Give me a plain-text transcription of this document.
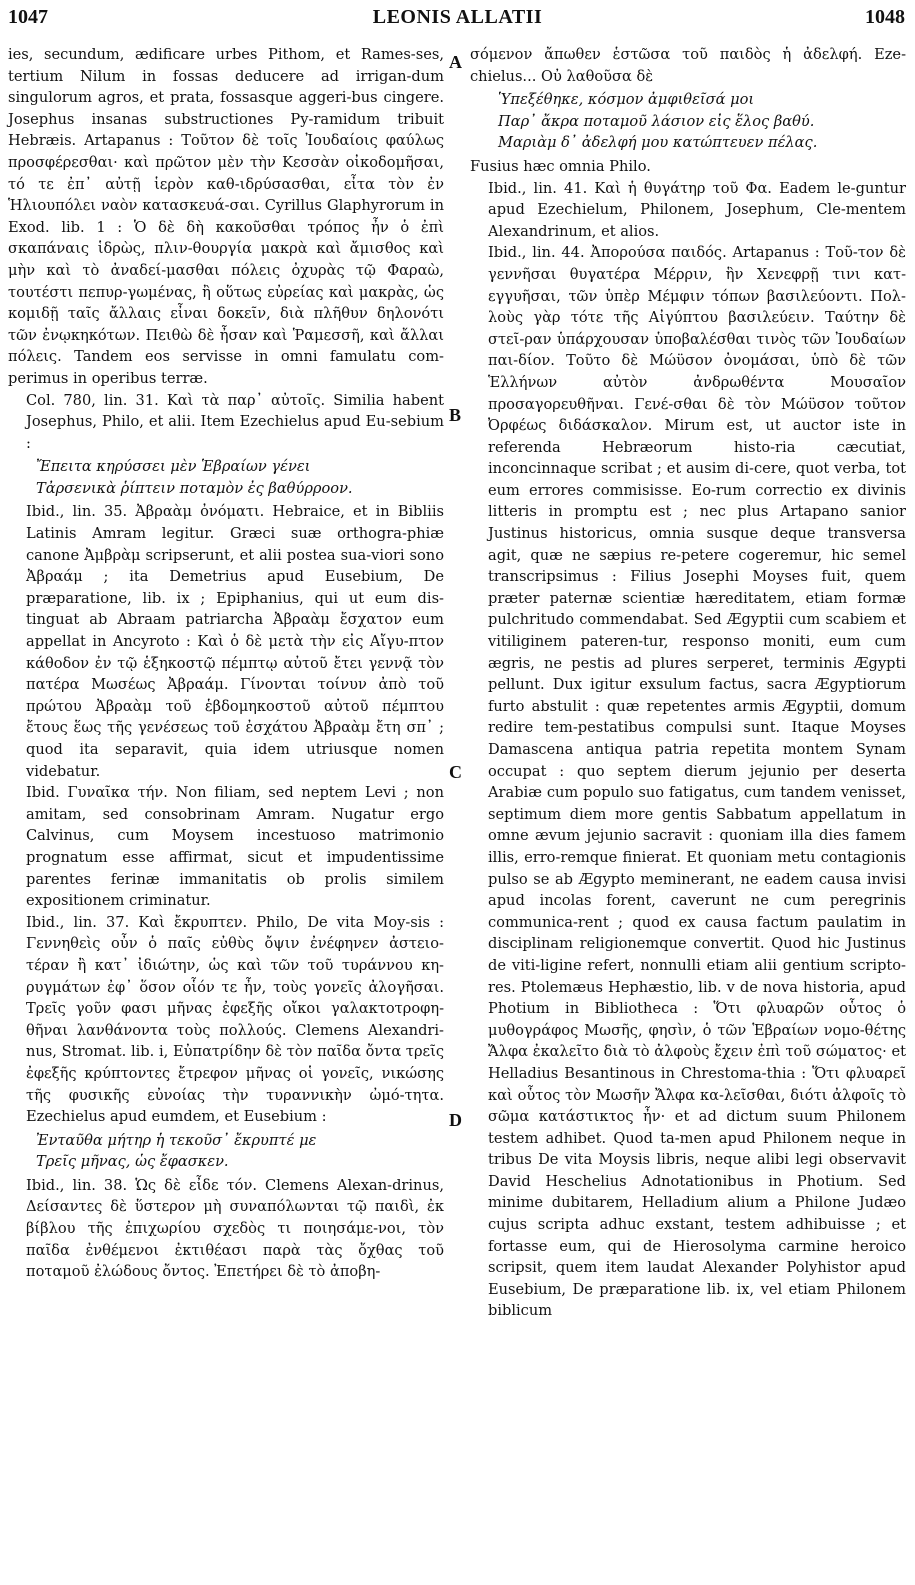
1047	LEONIS ALLATII	1048
A
B
C
D

ies, secundum, ædificare urbes Pithom, et Rames-ses, tertium Nilum in fossas deducere ad irrigan-dum singulorum agros, et prata, fossasque aggeri-bus cingere. Josephus insanas substructiones Py-ramidum tribuit Hebræis. Artapanus : Τοῦτον δὲ τοῖς Ἰουδαίοις φαύλως προσφέρεσθαι· καὶ πρῶτον μὲν τὴν Κεσσὰν οἰκοδομῆσαι, τό τε ἐπ᾽ αὐτῇ ἱερὸν καθ-ιδρύσασθαι, εἶτα τὸν ἐν Ἡλιουπόλει ναὸν κατασκευά-σαι. Cyrillus Glaphyrorum in Exod. lib. 1 : Ὁ δὲ δὴ κακοῦσθαι τρόπος ἦν ὁ ἐπὶ σκαπάναις ἱδρὼς, πλιν-θουργία μακρὰ καὶ ἄμισθος καὶ μὴν καὶ τὸ ἀναδεί-μασθαι πόλεις ὀχυρὰς τῷ Φαραὼ, τουτέστι πεπυρ-γωμένας, ἢ οὕτως εὐρείας καὶ μακρὰς, ὡς κομιδῇ ταῖς ἄλλαις εἶναι δοκεῖν, διὰ πλῆθυν δηλονότι τῶν ἐνῳκηκότων. Πειθὼ δὲ ἦσαν καὶ Ῥαμεσσῆ, καὶ ἄλλαι πόλεις. Tandem eos servisse in omni famulatu com-perimus in operibus terræ.

Col. 780, lin. 31. Καὶ τὰ παρ᾽ αὐτοῖς. Similia habent Josephus, Philo, et alii. Item Ezechielus apud Eu-sebium :

Ἔπειτα κηρύσσει μὲν Ἑβραίων γένει

Τἀρσενικὰ ῥίπτειν ποταμὸν ἐς βαθύρροον.

Ibid., lin. 35. Ἀβραὰμ ὀνόματι. Hebraice, et in Bibliis Latinis Amram legitur. Græci suæ orthogra-phiæ canone Ἀμβρὰμ scripserunt, et alii postea sua-viori sono Ἀβραάμ ; ita Demetrius apud Eusebium, De præparatione, lib. ix ; Epiphanius, qui ut eum dis-tinguat ab Abraam patriarcha Ἀβραὰμ ἔσχατον eum appellat in Ancyroto : Καὶ ὁ δὲ μετὰ τὴν εἰς Αἴγυ-πτον κάθοδον ἐν τῷ ἑξηκοστῷ πέμπτῳ αὐτοῦ ἔτει γεννᾷ τὸν πατέρα Μωσέως Ἀβραάμ. Γίνονται τοίνυν ἀπὸ τοῦ πρώτου Ἀβραὰμ τοῦ ἑβδομηκοστοῦ αὐτοῦ πέμπτου ἔτους ἕως τῆς γενέσεως τοῦ ἐσχάτου Ἀβραὰμ ἔτη σπ᾽ ; quod ita separavit, quia idem utriusque nomen videbatur.

Ibid. Γυναῖκα τήν. Non filiam, sed neptem Levi ; non amitam, sed consobrinam Amram. Nugatur ergo Calvinus, cum Moysem incestuoso matrimonio prognatum esse affirmat, sicut et impudentissime parentes ferinæ immanitatis ob prolis similem expositionem criminatur.

Ibid., lin. 37. Καὶ ἔκρυπτεν. Philo, De vita Moy-sis : Γεννηθεὶς οὖν ὁ παῖς εὐθὺς ὄψιν ἐνέφηνεν ἀστειο-τέραν ἢ κατ᾽ ἰδιώτην, ὡς καὶ τῶν τοῦ τυράννου κη-ρυγμάτων ἐφ᾽ ὅσον οἷόν τε ἦν, τοὺς γονεῖς ἀλογῆσαι. Τρεῖς γοῦν φασι μῆνας ἐφεξῆς οἴκοι γαλακτοτροφη-θῆναι λανθάνοντα τοὺς πολλούς. Clemens Alexandri-nus, Stromat. lib. i, Εὐπατρίδην δὲ τὸν παῖδα ὄντα τρεῖς ἐφεξῆς κρύπτοντες ἔτρεφον μῆνας οἱ γονεῖς, νικώσης τῆς φυσικῆς εὐνοίας τὴν τυραννικὴν ὠμό-τητα. Ezechielus apud eumdem, et Eusebium :

Ἐνταῦθα μήτηρ ἡ τεκοῦσ᾽ ἔκρυπτέ με

Τρεῖς μῆνας, ὡς ἔφασκεν.

Ibid., lin. 38. Ὡς δὲ εἶδε τόν. Clemens Alexan-drinus, Δείσαντες δὲ ὕστερον μὴ συναπόλωνται τῷ παιδὶ, ἐκ βίβλου τῆς ἐπιχωρίου σχεδὸς τι ποιησάμε-νοι, τὸν παῖδα ἐνθέμενοι ἐκτιθέασι παρὰ τὰς ὄχθας τοῦ ποταμοῦ ἐλώδους ὄντος. Ἐπετήρει δὲ τὸ ἀποβη-

σόμενον ἄπωθεν ἑστῶσα τοῦ παιδὸς ἡ ἀδελφή. Eze-chielus... Οὐ λαθοῦσα δὲ

Ὑπεξέθηκε, κόσμον ἀμφιθεῖσά μοι

Παρ᾽ ἄκρα ποταμοῦ λάσιον εἰς ἕλος βαθύ.

Μαριὰμ δ᾽ ἀδελφή μου κατώπτευεν πέλας.

Fusius hæc omnia Philo.

Ibid., lin. 41. Καὶ ἡ θυγάτηρ τοῦ Φα. Eadem le-guntur apud Ezechielum, Philonem, Josephum, Cle-mentem Alexandrinum, et alios.

Ibid., lin. 44. Ἀπορούσα παιδός. Artapanus : Τοῦ-τον δὲ γεννῆσαι θυγατέρα Μέρριν, ἣν Χενεφρῇ τινι κατ-εγγυῆσαι, τῶν ὑπὲρ Μέμφιν τόπων βασιλεύοντι. Πολ-λοὺς γὰρ τότε τῆς Αἰγύπτου βασιλεύειν. Ταύτην δὲ στεῖ-ραν ὑπάρχουσαν ὑποβαλέσθαι τινὸς τῶν Ἰουδαίων παι-δίον. Τοῦτο δὲ Μώϋσον ὀνομάσαι, ὑπὸ δὲ τῶν Ἑλλήνων αὐτὸν ἀνδρωθέντα Μουσαῖον προσαγορευθῆναι. Γενέ-σθαι δὲ τὸν Μώϋσον τοῦτον Ὀρφέως διδάσκαλον. Mirum est, ut auctor iste in referenda Hebræorum histo-ria cæcutiat, inconcinnaque scribat ; et ausim di-cere, quot verba, tot eum errores commisisse. Eo-rum correctio ex divinis litteris in promptu est ; nec plus Artapano sanior Justinus historicus, omnia susque deque transversa agit, quæ ne sæpius re-petere cogeremur, hic semel transcripsimus : Filius Josephi Moyses fuit, quem præter paternæ scientiæ hæreditatem, etiam formæ pulchritudo commendabat. Sed Ægyptii cum scabiem et vitiliginem pateren-tur, responso moniti, eum cum ægris, ne pestis ad plures serperet, terminis Ægypti pellunt. Dux igitur exsulum factus, sacra Ægyptiorum furto abstulit : quæ repetentes armis Ægyptii, domum redire tem-pestatibus compulsi sunt. Itaque Moyses Damascena antiqua patria repetita montem Synam occupat : quo septem dierum jejunio per deserta Arabiæ cum populo suo fatigatus, cum tandem venisset, septimum diem more gentis Sabbatum appellatum in omne ævum jejunio sacravit : quoniam illa dies famem illis, erro-remque finierat. Et quoniam metu contagionis pulso se ab Ægypto meminerant, ne eadem causa invisi apud incolas forent, caverunt ne cum peregrinis communica-rent ; quod ex causa factum paulatim in disciplinam religionemque convertit. Quod hic Justinus de viti-ligine refert, nonnulli etiam alii gentium scripto-res. Ptolemæus Hephæstio, lib. v de nova historia, apud Photium in Bibliotheca : Ὅτι φλυαρῶν οὗτος ὁ μυθογράφος Μωσῆς, φησὶν, ὁ τῶν Ἑβραίων νομο-θέτης Ἄλφα ἐκαλεῖτο διὰ τὸ ἀλφοὺς ἔχειν ἐπὶ τοῦ σώματος· et Helladius Besantinous in Chrestoma-thia : Ὅτι φλυαρεῖ καὶ οὗτος τὸν Μωσῆν Ἄλφα κα-λεῖσθαι, διότι ἀλφοῖς τὸ σῶμα κατάστικτος ἦν· et ad dictum suum Philonem testem adhibet. Quod ta-men apud Philonem neque in tribus De vita Moysis libris, neque alibi legi observavit David Heschelius Adnotationibus in Photium. Sed minime dubitarem, Helladium alium a Philone Judæo cujus scripta adhuc exstant, testem adhibuisse ; et fortasse eum, qui de Hierosolyma carmine heroico scripsit, quem item laudat Alexander Polyhistor apud Eusebium, De præparatione lib. ix, vel etiam Philonem biblicum
